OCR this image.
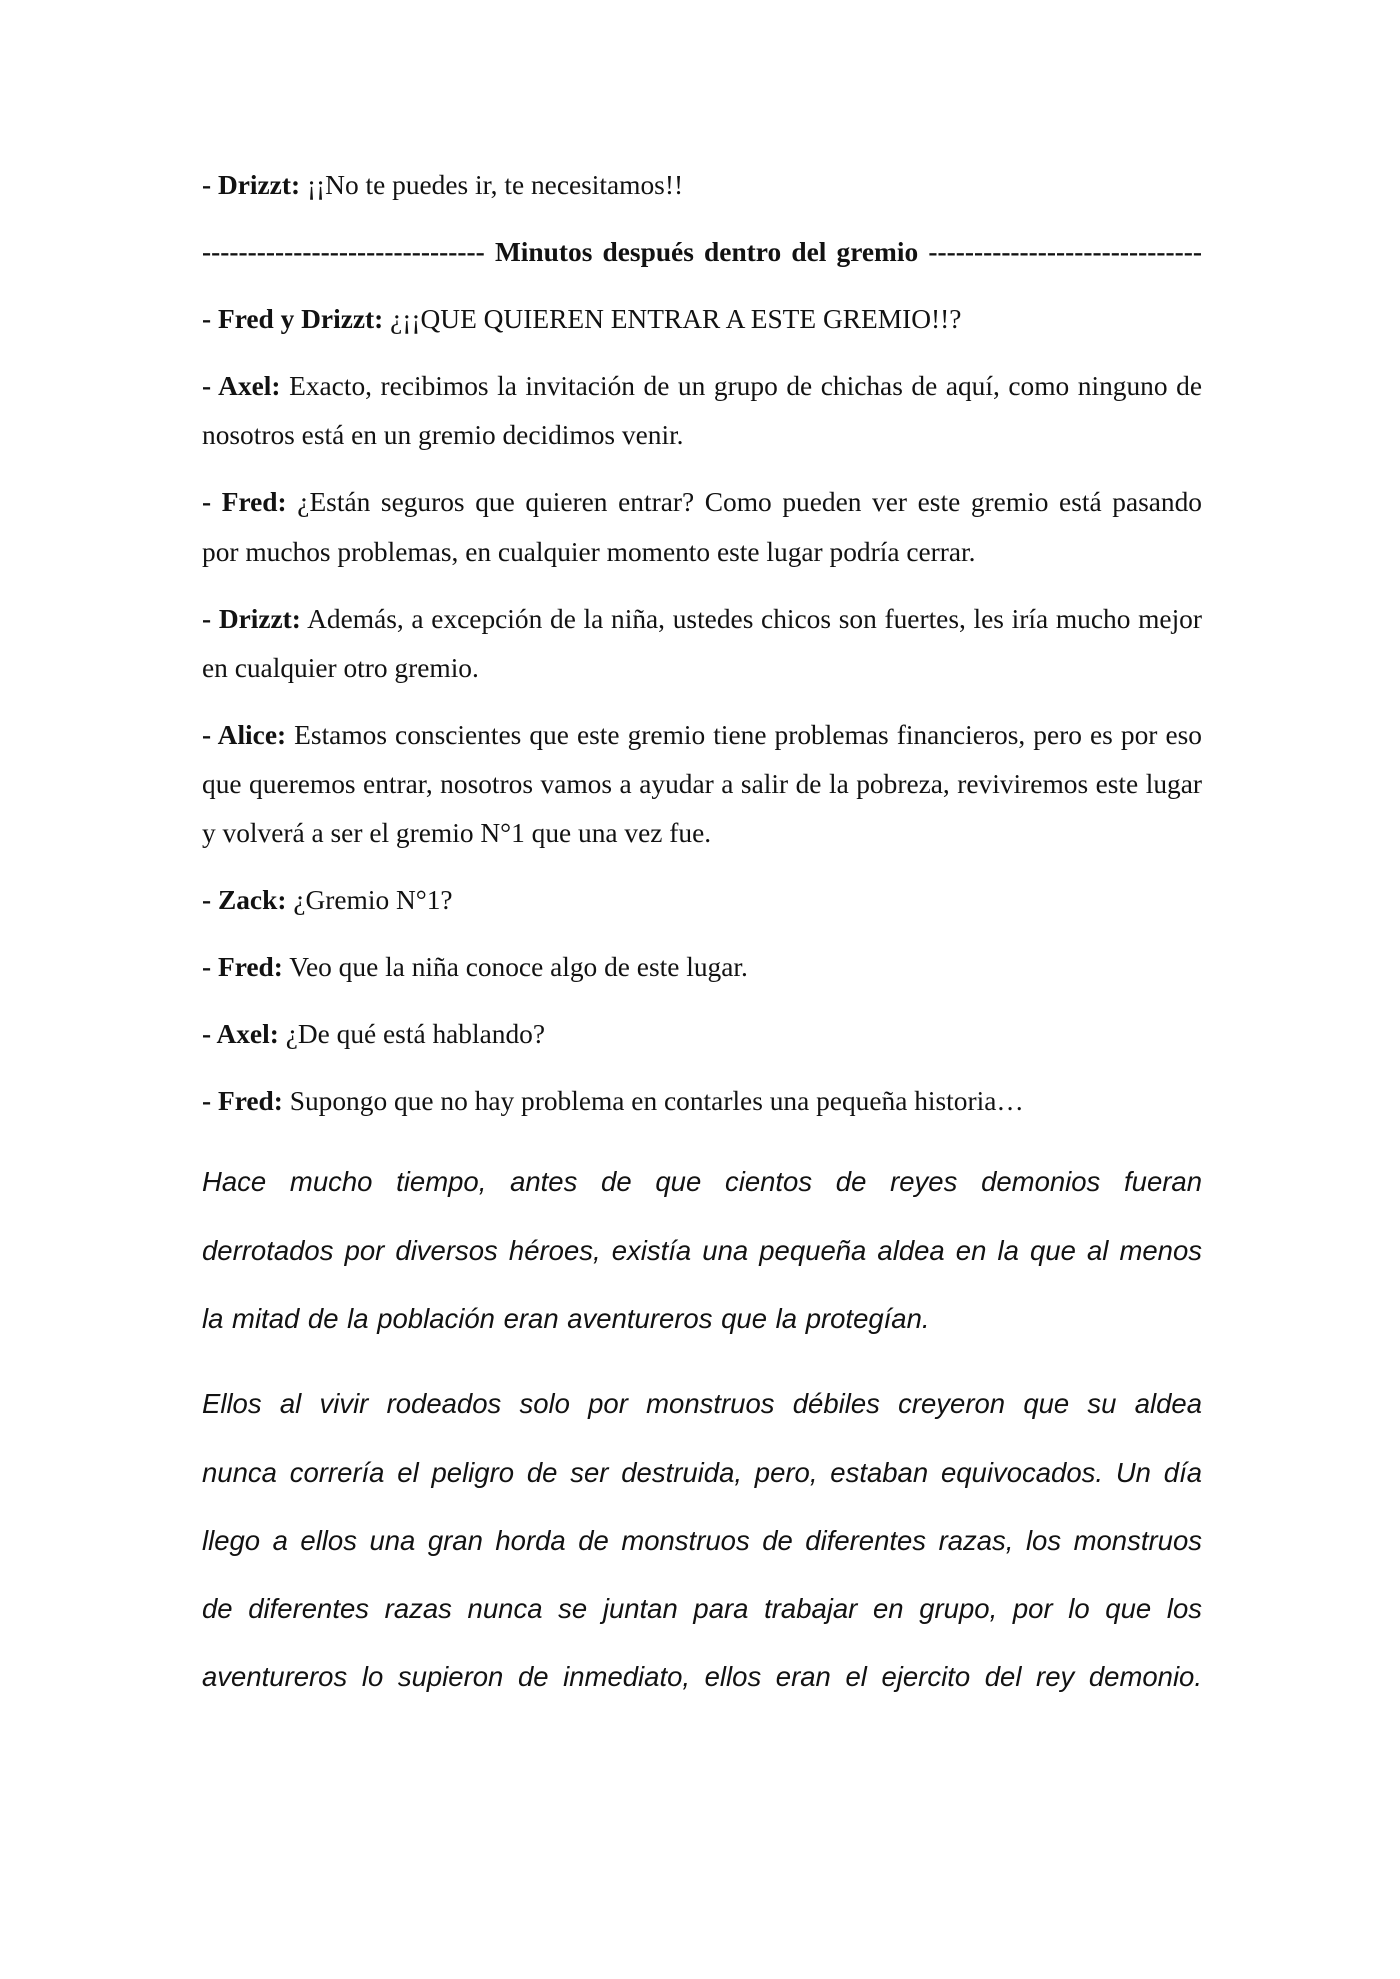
- Drizzt: ¡¡No te puedes ir, te necesitamos!!
------------------------------- Minutos después dentro del gremio ------------------------------
- Fred y Drizzt: ¿¡¡QUE QUIEREN ENTRAR A ESTE GREMIO!!?
- Axel: Exacto, recibimos la invitación de un grupo de chichas de aquí, como ninguno de
nosotros está en un gremio decidimos venir.
- Fred: ¿Están seguros que quieren entrar? Como pueden ver este gremio está pasando
por muchos problemas, en cualquier momento este lugar podría cerrar.
- Drizzt: Además, a excepción de la niña, ustedes chicos son fuertes, les iría mucho mejor
en cualquier otro gremio.
- Alice: Estamos conscientes que este gremio tiene problemas financieros, pero es por eso
que queremos entrar, nosotros vamos a ayudar a salir de la pobreza, reviviremos este lugar
y volverá a ser el gremio N°1 que una vez fue.
- Zack: ¿Gremio N°1?
- Fred: Veo que la niña conoce algo de este lugar.
- Axel: ¿De qué está hablando?
- Fred: Supongo que no hay problema en contarles una pequeña historia…
Hace mucho tiempo, antes de que cientos de reyes demonios fueran
derrotados por diversos héroes, existía una pequeña aldea en la que al menos
la mitad de la población eran aventureros que la protegían.
Ellos al vivir rodeados solo por monstruos débiles creyeron que su aldea
nunca correría el peligro de ser destruida, pero, estaban equivocados. Un día
llego a ellos una gran horda de monstruos de diferentes razas, los monstruos
de diferentes razas nunca se juntan para trabajar en grupo, por lo que los
aventureros lo supieron de inmediato, ellos eran el ejercito del rey demonio.
